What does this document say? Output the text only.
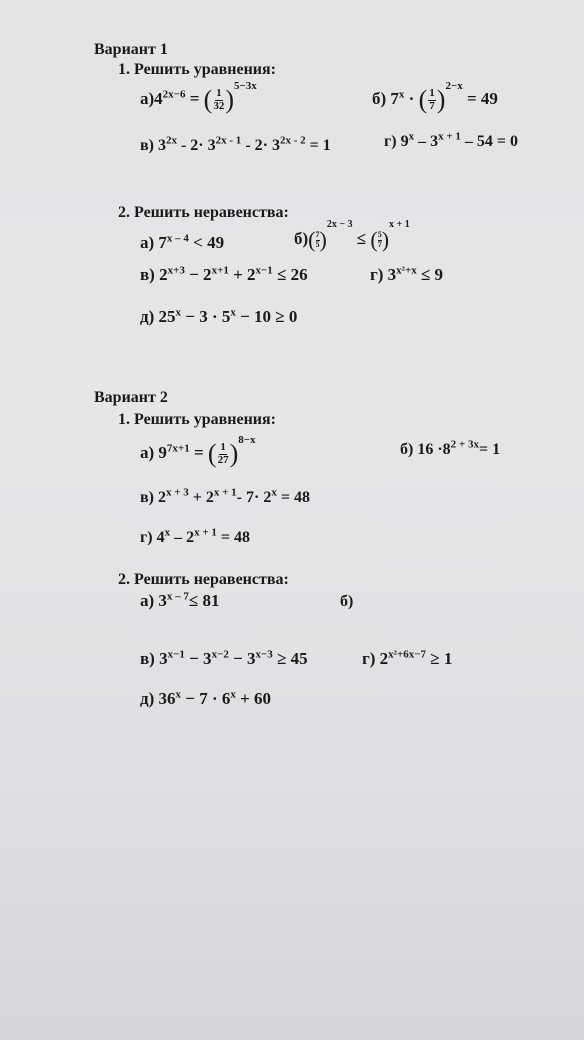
Вариант 1
1. Решить уравнения:
$а)4^{2x-6}$ = ( $\frac{1}{32} )^{5-3x}$
б) $7^x$ · ( $\frac{1}{7} )^{2-x} = 49$
в) $3^{2x} - 2\cdot 3^{2x - 1} - 2\cdot 3^{2x - 2} = 1$	г) $9^x - 3^{x + 1} - 54 = 0$
2. Решить неравенства:
а) $7^{x - 4} < 49$	$б)( \frac{7}{5} )^{2x - 3}$ ≤ ( $\frac{5}{7} )^{x + 1}$
в) $2^{x+3} - 2^{x+1} + 2^{x-1} \le 26$	г) $3^{x^2+x} \le 9$
д) $25^x - 3 \cdot 5^x - 10 \ge 0$
Вариант 2
1. Решить уравнения:
а) $9^{7x+1}$ = ( $\frac{1}{27} )^{8-x}$
б) $16 \cdot 8^{2 + 3x}= 1$
в) $2^{x + 3} + 2^{x + 1}-$ $7\cdot 2^x = 48$
г) $4^x - 2^{x + 1} = 48$
2. Решить неравенства:
а) $3^{x - 7}\le 81$	б)
в) $3^{x-1} - 3^{x-2} - 3^{x-3} \ge 45$	г) $2^{x^2+6x-7} \ge 1$
д) $36^x - 7 \cdot 6^x + 60$
